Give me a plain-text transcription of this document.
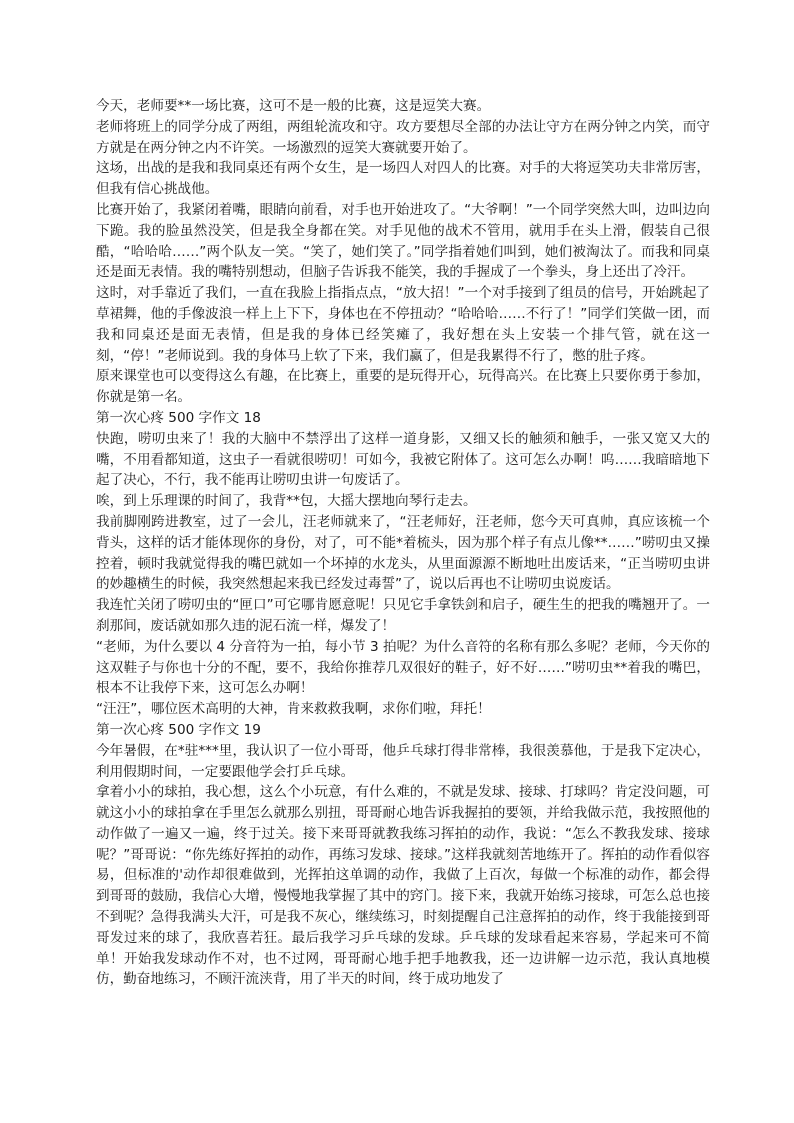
今天，老师要**一场比赛，这可不是一般的比赛，这是逗笑大赛。

老师将班上的同学分成了两组，两组轮流攻和守。攻方要想尽全部的办法让守方在两分钟之内笑，而守方就是在两分钟之内不许笑。一场激烈的逗笑大赛就要开始了。

这场，出战的是我和我同桌还有两个女生，是一场四人对四人的比赛。对手的大将逗笑功夫非常厉害，但我有信心挑战他。

比赛开始了，我紧闭着嘴，眼睛向前看，对手也开始进攻了。“大爷啊！”一个同学突然大叫，边叫边向下跪。我的脸虽然没笑，但是我全身都在笑。对手见他的战术不管用，就用手在头上滑，假装自己很酷，“哈哈哈……”两个队友一笑。“笑了，她们笑了。”同学指着她们叫到，她们被淘汰了。而我和同桌还是面无表情。我的嘴特别想动，但脑子告诉我不能笑，我的手握成了一个拳头，身上还出了冷汗。

这时，对手靠近了我们，一直在我脸上指指点点，“放大招！”一个对手接到了组员的信号，开始跳起了草裙舞，他的手像波浪一样上上下下，身体也在不停扭动？“哈哈哈……不行了！”同学们笑做一团，而我和同桌还是面无表情，但是我的身体已经笑瘫了，我好想在头上安装一个排气管，就在这一刻，“停！”老师说到。我的身体马上软了下来，我们赢了，但是我累得不行了，憋的肚子疼。

原来课堂也可以变得这么有趣，在比赛上，重要的是玩得开心，玩得高兴。在比赛上只要你勇于参加，你就是第一名。

第一次心疼 500 字作文 18

快跑，唠叨虫来了！我的大脑中不禁浮出了这样一道身影，又细又长的触须和触手，一张又宽又大的嘴，不用看都知道，这虫子一看就很唠叨！可如今，我被它附体了。这可怎么办啊！呜……我暗暗地下起了决心，不行，我不能再让唠叨虫讲一句废话了。

唉，到上乐理课的时间了，我背**包，大摇大摆地向琴行走去。

我前脚刚跨进教室，过了一会儿，汪老师就来了，“汪老师好，汪老师，您今天可真帅，真应该梳一个背头，这样的话才能体现你的身份，对了，可不能*着梳头，因为那个样子有点儿像**……”唠叨虫又操控着，顿时我就觉得我的嘴巴就如一个坏掉的水龙头，从里面源源不断地吐出废话来，“正当唠叨虫讲的妙趣横生的时候，我突然想起来我已经发过毒誓”了，说以后再也不让唠叨虫说废话。

我连忙关闭了唠叨虫的“匣口”可它哪肯愿意呢！只见它手拿铁剑和启子，硬生生的把我的嘴翘开了。一刹那间，废话就如那久违的泥石流一样，爆发了！

“老师，为什么要以 4 分音符为一拍，每小节 3 拍呢？为什么音符的名称有那么多呢？老师，今天你的这双鞋子与你也十分的不配，要不，我给你推荐几双很好的鞋子，好不好……”唠叨虫**着我的嘴巴，根本不让我停下来，这可怎么办啊！

“汪汪”，哪位医术高明的大神，肯来救救我啊，求你们啦，拜托！

第一次心疼 500 字作文 19

今年暑假，在*驻***里，我认识了一位小哥哥，他乒乓球打得非常棒，我很羡慕他，于是我下定决心，利用假期时间，一定要跟他学会打乒乓球。

拿着小小的球拍，我心想，这么个小玩意，有什么难的，不就是发球、接球、打球吗？肯定没问题，可就这小小的球拍拿在手里怎么就那么别扭，哥哥耐心地告诉我握拍的要领，并给我做示范，我按照他的动作做了一遍又一遍，终于过关。接下来哥哥就教我练习挥拍的动作，我说：“怎么不教我发球、接球呢？”哥哥说：“你先练好挥拍的动作，再练习发球、接球。”这样我就刻苦地练开了。挥拍的动作看似容易，但标准的'动作却很难做到，光挥拍这单调的动作，我做了上百次，每做一个标准的动作，都会得到哥哥的鼓励，我信心大增，慢慢地我掌握了其中的窍门。接下来，我就开始练习接球，可怎么总也接不到呢？急得我满头大汗，可是我不灰心，继续练习，时刻提醒自己注意挥拍的动作，终于我能接到哥哥发过来的球了，我欣喜若狂。最后我学习乒乓球的发球。乒乓球的发球看起来容易，学起来可不简单！开始我发球动作不对，也不过网，哥哥耐心地手把手地教我，还一边讲解一边示范，我认真地模仿，勤奋地练习，不顾汗流浃背，用了半天的时间，终于成功地发了
